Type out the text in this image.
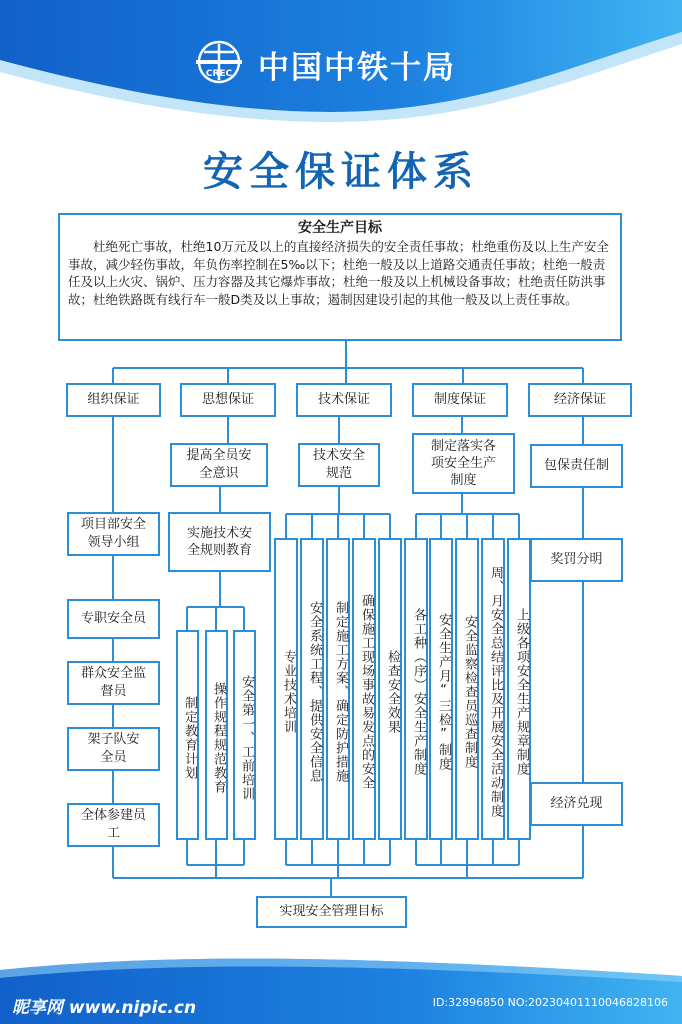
CREC 中国中铁十局
安全保证体系
安全生产目标
杜绝死亡事故，杜绝10万元及以上的直接经济损失的安全责任事故；杜绝重伤及以上生产安全事故，减少轻伤事故，年负伤率控制在5‰以下；杜绝一般及以上道路交通责任事故；杜绝一般责任及以上火灾、锅炉、压力容器及其它爆炸事故；杜绝一般及以上机械设备事故；杜绝责任防洪事故；杜绝铁路既有线行车一般D类及以上事故；遏制因建设引起的其他一般及以上责任事故。
组织保证	思想保证	技术保证	制度保证	经济保证
项目部安全领导小组
专职安全员
群众安全监督员
架子队安全员
全体参建员工
提高全员安全意识
实施技术安全规则教育
制定教育计划	操作规程规范教育	安全第一、工前培训
技术安全规范
专业技术培训 安全系统工程、提供安全信息 制定施工方案、确定防护措施 确保施工现场事故易发点的安全 检查安全效果
制定落实各项安全生产制度
各工种（序）安全生产制度 安全生产月“三检”制度 安全监察检查员巡查制度 周、月安全总结评比及开展安全活动制度 上级各项安全生产规章制度
包保责任制
奖罚分明
经济兑现
实现安全管理目标
昵享网 www.nipic.cn	ID:32896850 NO:20230401110046828106
